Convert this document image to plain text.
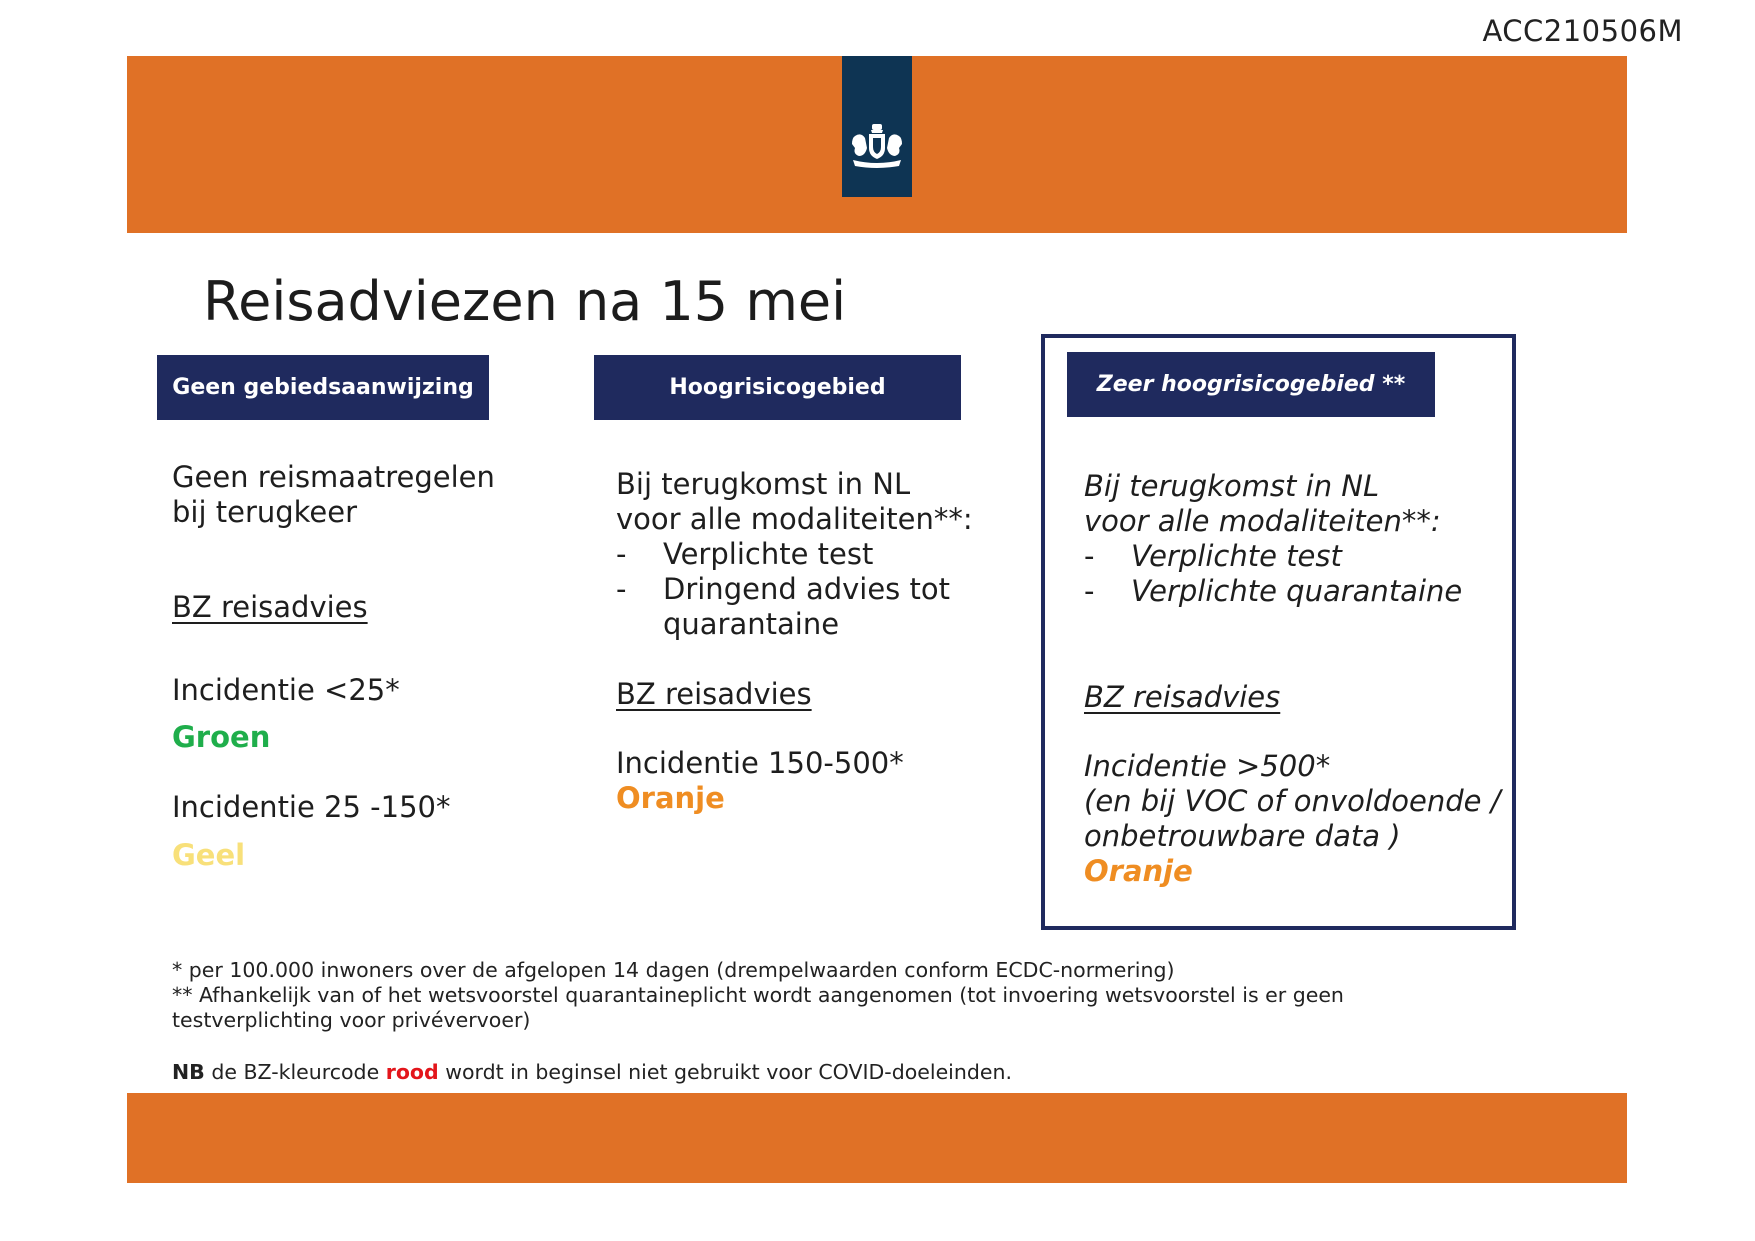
ACC210506M
Reisadviezen na 15 mei
Geen gebiedsaanwijzing	Hoogrisicogebied	Zeer hoogrisicogebied **
Geen reismaatregelen
bij terugkeer
BZ reisadvies
Incidentie <25*
Groen
Incidentie 25 -150*
Geel
Bij terugkomst in NL
voor alle modaliteiten**:
-	Verplichte test
-	Dringend advies tot quarantaine
BZ reisadvies
Incidentie 150-500*
Oranje
Bij terugkomst in NL
voor alle modaliteiten**:
-	Verplichte test
-	Verplichte quarantaine
BZ reisadvies
Incidentie >500*
(en bij VOC of onvoldoende /
onbetrouwbare data )
Oranje
* per 100.000 inwoners over de afgelopen 14 dagen (drempelwaarden conform ECDC-normering)
** Afhankelijk van of het wetsvoorstel quarantaineplicht wordt aangenomen (tot invoering wetsvoorstel is er geen testverplichting voor privévervoer)
NB de BZ-kleurcode rood wordt in beginsel niet gebruikt voor COVID-doeleinden.
